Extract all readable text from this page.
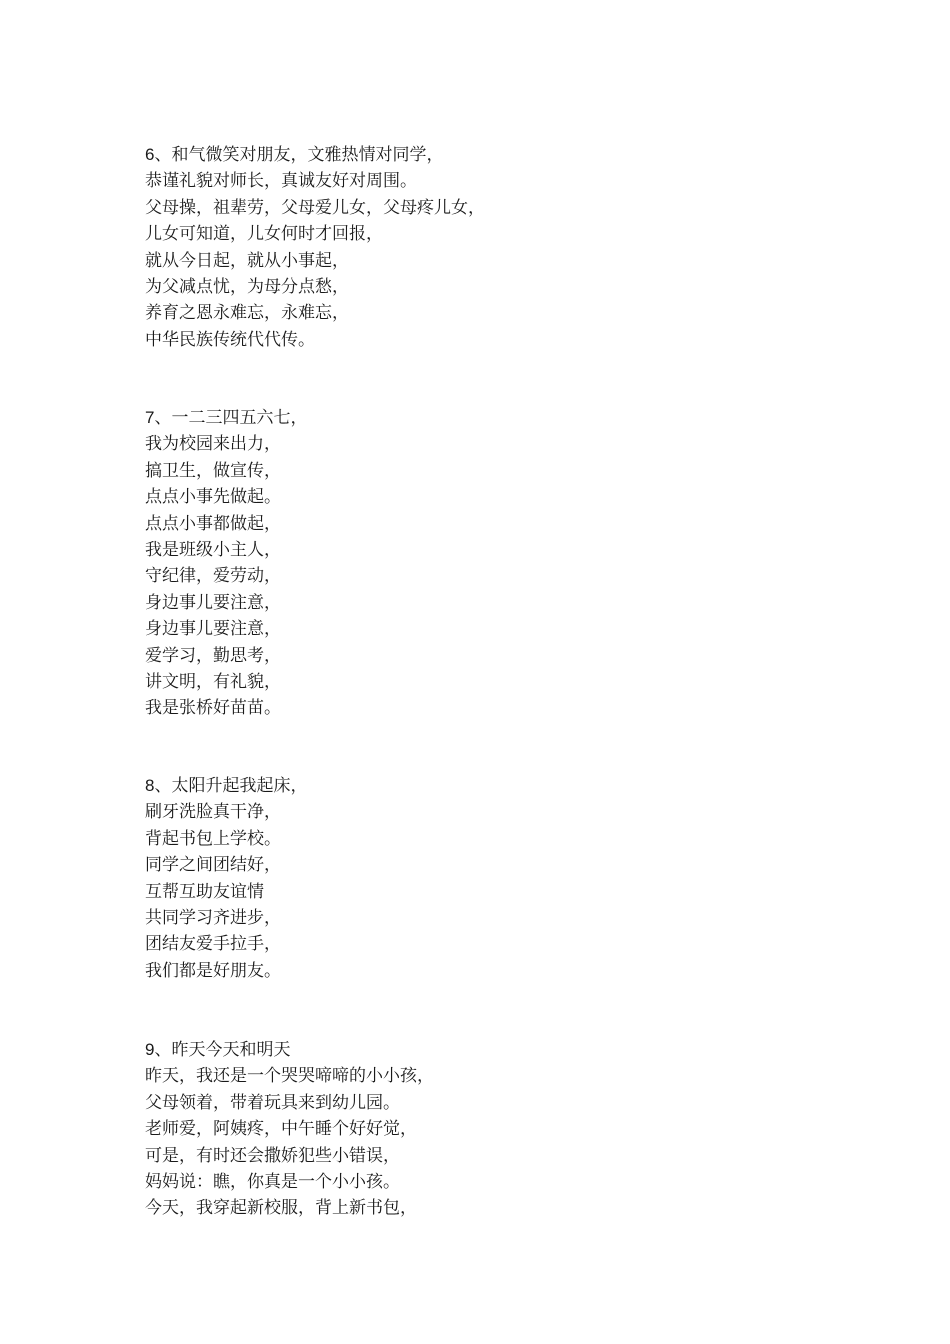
6、和气微笑对朋友，文雅热情对同学，
恭谨礼貌对师长，真诚友好对周围。
父母操，祖辈劳，父母爱儿女，父母疼儿女，
儿女可知道，儿女何时才回报，
就从今日起，就从小事起，
为父减点忧，为母分点愁，
养育之恩永难忘，永难忘，
中华民族传统代代传。
7、一二三四五六七，
我为校园来出力，
搞卫生，做宣传，
点点小事先做起。
点点小事都做起，
我是班级小主人，
守纪律，爱劳动，
身边事儿要注意，
身边事儿要注意，
爱学习，勤思考，
讲文明，有礼貌，
我是张桥好苗苗。
8、太阳升起我起床，
刷牙洗脸真干净，
背起书包上学校。
同学之间团结好，
互帮互助友谊情
共同学习齐进步，
团结友爱手拉手，
我们都是好朋友。
9、昨天今天和明天
昨天，我还是一个哭哭啼啼的小小孩，
父母领着，带着玩具来到幼儿园。
老师爱，阿姨疼，中午睡个好好觉，
可是，有时还会撒娇犯些小错误，
妈妈说：瞧，你真是一个小小孩。
今天，我穿起新校服，背上新书包，
